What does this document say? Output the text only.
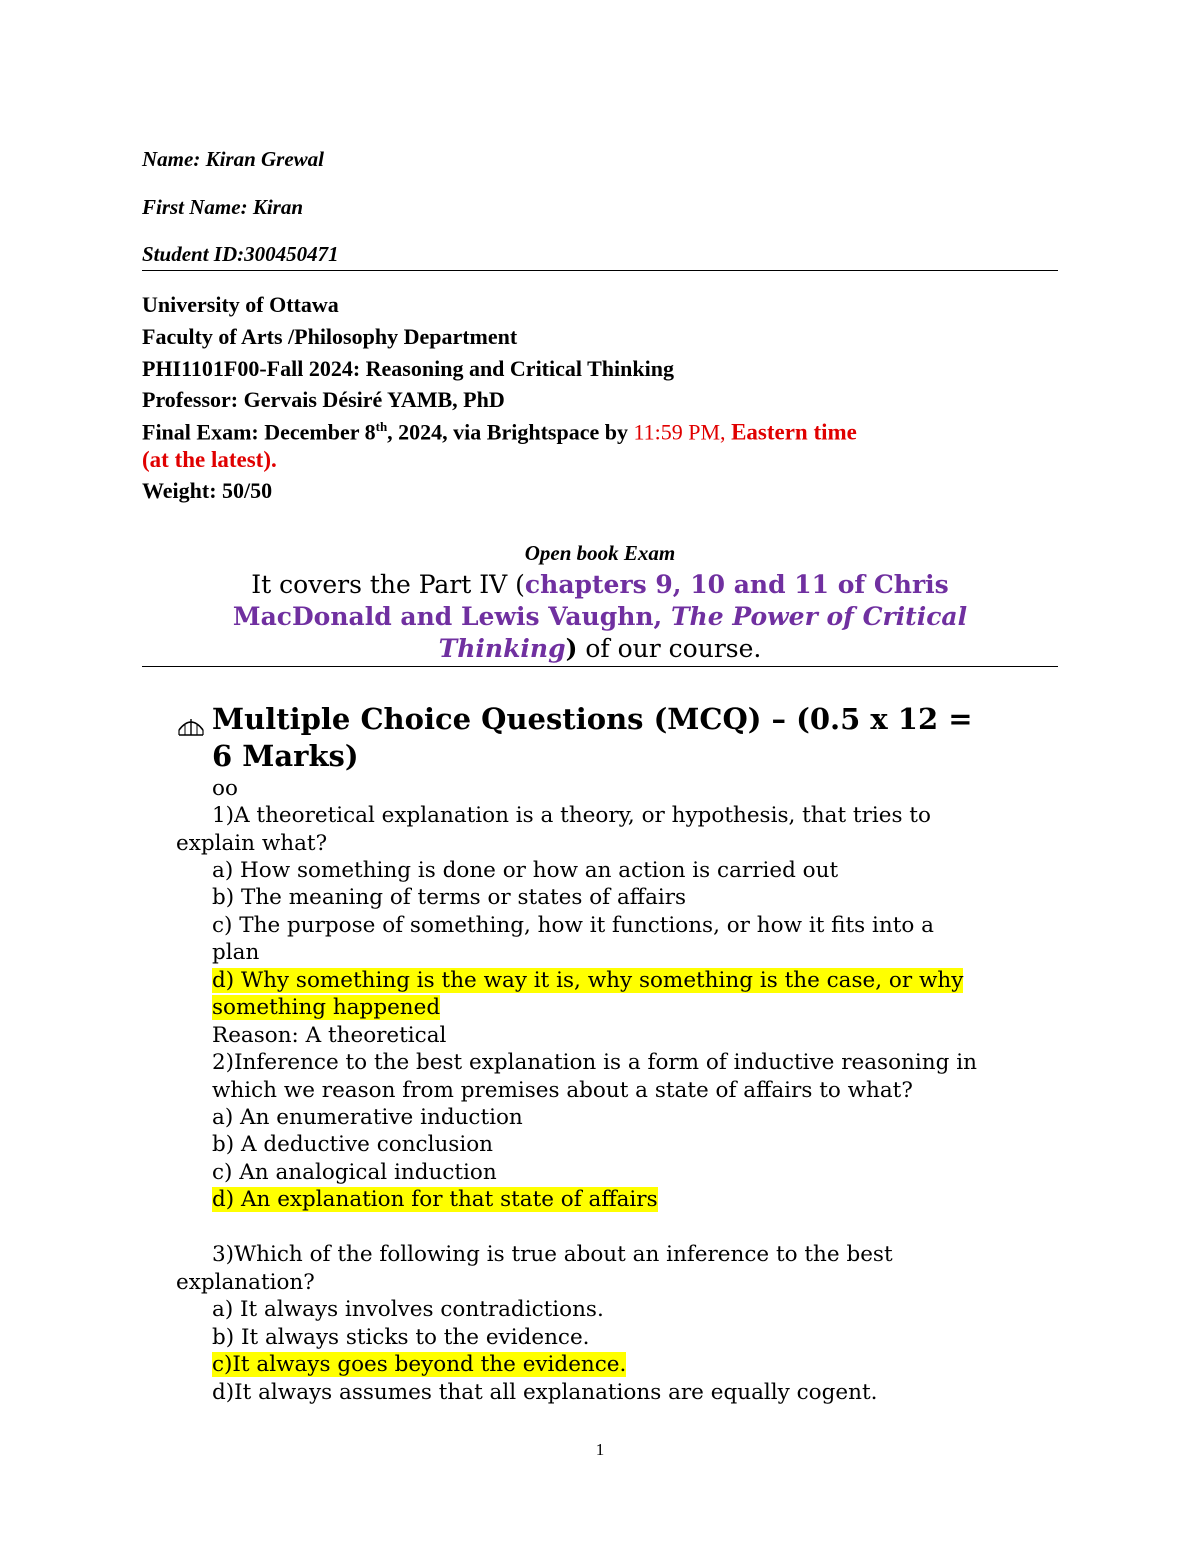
Name: Kiran Grewal
First Name: Kiran
Student ID:300450471
University of Ottawa
Faculty of Arts /Philosophy Department
PHI1101F00-Fall 2024: Reasoning and Critical Thinking
Professor: Gervais Désiré YAMB, PhD
Final Exam: December 8th, 2024, via Brightspace by 11:59 PM, Eastern time
(at the latest).
Weight: 50/50
Open book Exam
It covers the Part IV (chapters 9, 10 and 11 of Chris
MacDonald and Lewis Vaughn, The Power of Critical
Thinking) of our course.
Multiple Choice Questions (MCQ) – (0.5 x 12 =
6 Marks)
oo
1)A theoretical explanation is a theory, or hypothesis, that tries to
explain what?
a) How something is done or how an action is carried out
b) The meaning of terms or states of affairs
c) The purpose of something, how it functions, or how it fits into a
plan
d) Why something is the way it is, why something is the case, or why
something happened
Reason: A theoretical
2)Inference to the best explanation is a form of inductive reasoning in
which we reason from premises about a state of affairs to what?
a) An enumerative induction
b) A deductive conclusion
c) An analogical induction
d) An explanation for that state of affairs
3)Which of the following is true about an inference to the best
explanation?
a) It always involves contradictions.
b) It always sticks to the evidence.
c)It always goes beyond the evidence.
d)It always assumes that all explanations are equally cogent.
1
